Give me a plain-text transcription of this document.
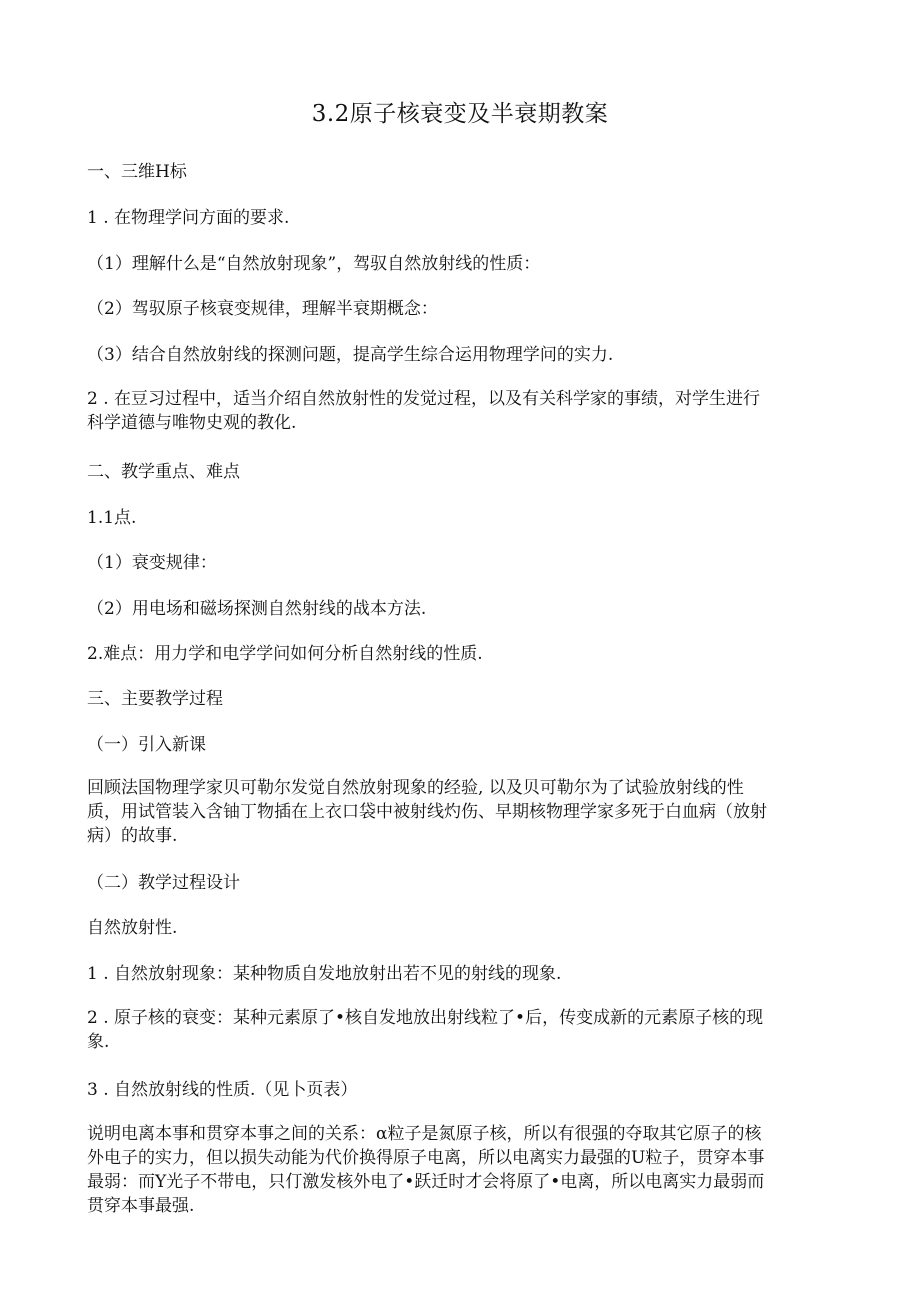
3.2原子核衰变及半衰期教案
一、三维H标
1 . 在物理学问方面的要求.
（1）理解什么是“自然放射现象”，驾驭自然放射线的性质：
（2）驾驭原子核衰变规律，理解半衰期概念：
（3）结合自然放射线的探测问题，提高学生综合运用物理学问的实力.
2 . 在豆习过程中，适当介绍自然放射性的发觉过程，以及有关科学家的事绩，对学生进行
科学道德与唯物史观的教化.
二、教学重点、难点
1.1点.
（1）衰变规律：
（2）用电场和磁场探测自然射线的战本方法.
2.难点：用力学和电学学问如何分析自然射线的性质.
三、主要教学过程
（一）引入新课
回顾法国物理学家贝可勒尔发觉自然放射现象的经验, 以及贝可勒尔为了试验放射线的性
质，用试管装入含铀丁物插在上衣口袋中被射线灼伤、早期核物理学家多死于白血病（放射
病）的故事.
（二）教学过程设计
自然放射性.
1 . 自然放射现象：某种物质自发地放射出若不见的射线的现象.
2 . 原子核的衰变：某种元素原了•核自发地放出射线粒了•后，传变成新的元素原子核的现
象.
3 . 自然放射线的性质.（见卜页表）
说明电离本事和贯穿本事之间的关系：α粒子是氮原子核，所以有很强的夺取其它原子的核
外电子的实力，但以损失动能为代价换得原子电离，所以电离实力最强的U粒子，贯穿本事
最弱：而Y光子不带电，只仃激发核外电了•跃迁时才会将原了•电离，所以电离实力最弱而
贯穿本事最强.
